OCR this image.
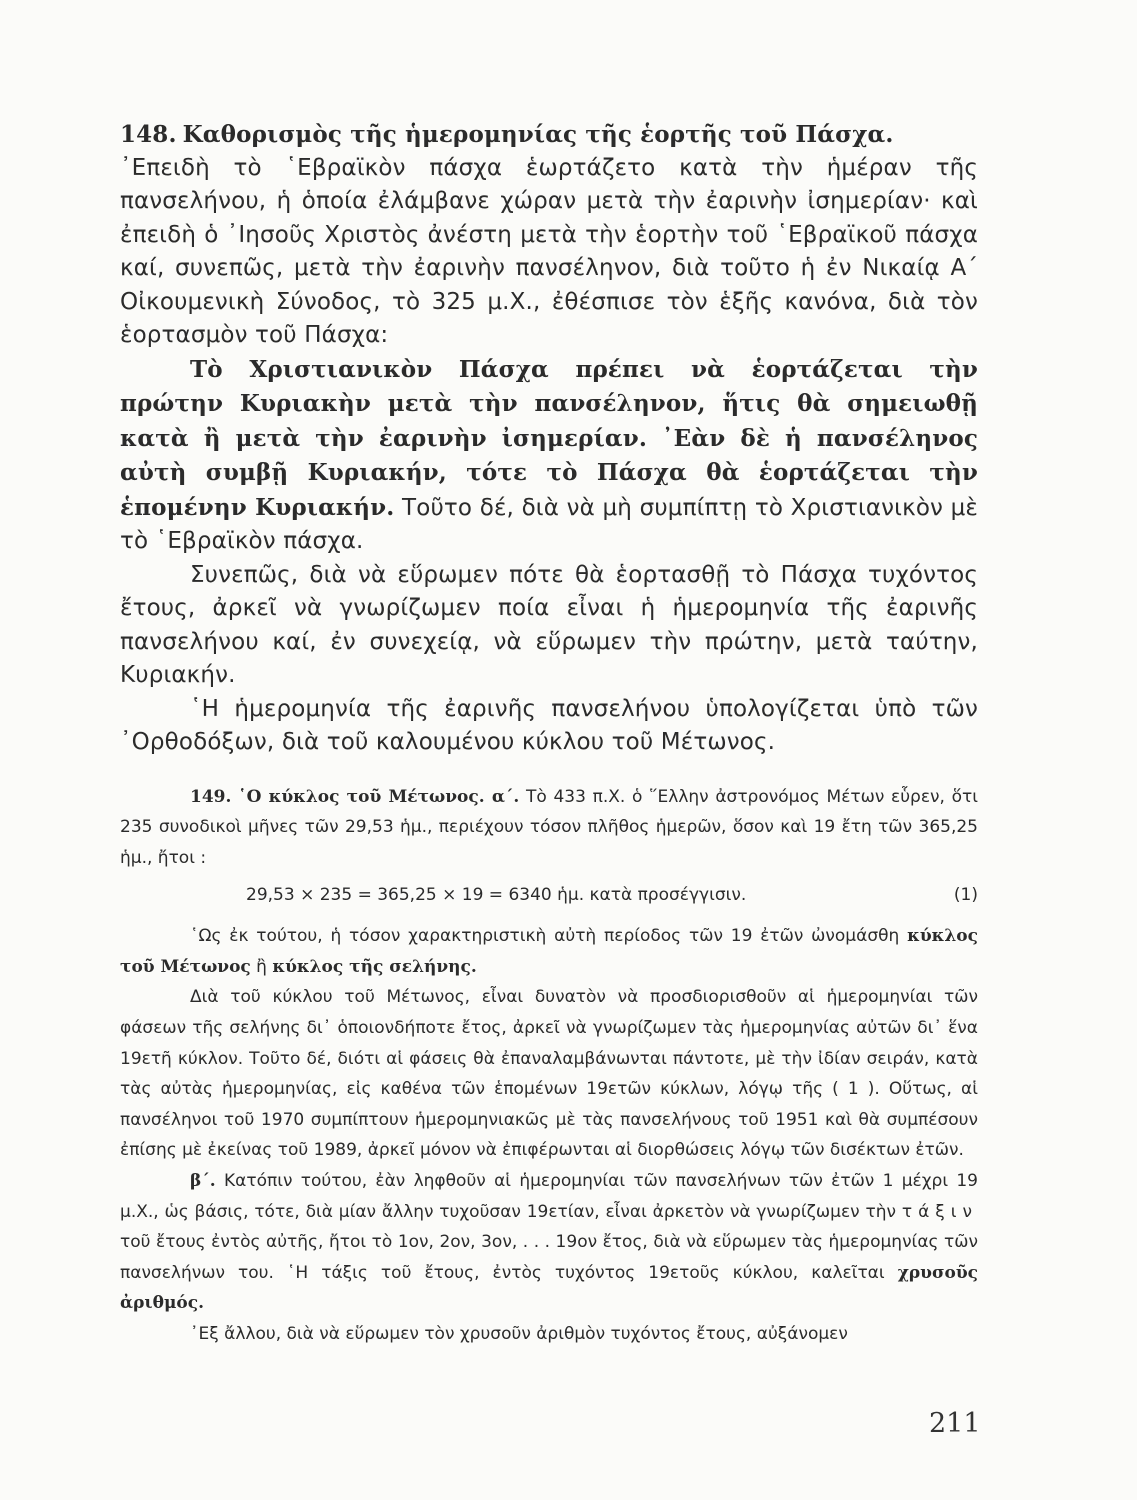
148. Καθορισμὸς τῆς ἡμερομηνίας τῆς ἑορτῆς τοῦ Πάσχα.

᾿Επειδὴ τὸ ῾Εβραϊκὸν πάσχα ἑωρτάζετο κατὰ τὴν ἡμέραν τῆς πανσελήνου, ἡ ὁποία ἐλάμβανε χώραν μετὰ τὴν ἐαρινὴν ἰσημερίαν· καὶ ἐπειδὴ ὁ ᾿Ιησοῦς Χριστὸς ἀνέστη μετὰ τὴν ἑορτὴν τοῦ ῾Εβραϊκοῦ πάσχα καί, συνεπῶς, μετὰ τὴν ἐαρινὴν πανσέληνον, διὰ τοῦτο ἡ ἐν Νικαίᾳ Α΄ Οἰκουμενικὴ Σύνοδος, τὸ 325 μ.Χ., ἐθέσπισε τὸν ἑξῆς κανόνα, διὰ τὸν ἑορτασμὸν τοῦ Πάσχα:

Τὸ Χριστιανικὸν Πάσχα πρέπει νὰ ἑορτάζεται τὴν πρώτην Κυριακὴν μετὰ τὴν πανσέληνον, ἥτις θὰ σημειωθῇ κατὰ ἢ μετὰ τὴν ἐαρινὴν ἰσημερίαν. ᾿Εὰν δὲ ἡ πανσέληνος αὐτὴ συμβῇ Κυριακήν, τότε τὸ Πάσχα θὰ ἑορτάζεται τὴν ἑπομένην Κυριακήν. Τοῦτο δέ, διὰ νὰ μὴ συμπίπτῃ τὸ Χριστιανικὸν μὲ τὸ ῾Εβραϊκὸν πάσχα.

Συνεπῶς, διὰ νὰ εὕρωμεν πότε θὰ ἑορτασθῇ τὸ Πάσχα τυχόντος ἔτους, ἀρκεῖ νὰ γνωρίζωμεν ποία εἶναι ἡ ἡμερομηνία τῆς ἐαρινῆς πανσελήνου καί, ἐν συνεχείᾳ, νὰ εὕρωμεν τὴν πρώτην, μετὰ ταύτην, Κυριακήν.

῾Η ἡμερομηνία τῆς ἐαρινῆς πανσελήνου ὑπολογίζεται ὑπὸ τῶν ᾿Ορθοδόξων, διὰ τοῦ καλουμένου κύκλου τοῦ Μέτωνος.

149. ῾Ο κύκλος τοῦ Μέτωνος. α΄. Τὸ 433 π.Χ. ὁ ῞Ελλην ἀστρονόμος Μέτων εὗρεν, ὅτι 235 συνοδικοὶ μῆνες τῶν 29,53 ἡμ., περιέχουν τόσον πλῆθος ἡμερῶν, ὅσον καὶ 19 ἔτη τῶν 365,25 ἡμ., ἤτοι :

29,53 × 235 = 365,25 × 19 = 6340 ἡμ. κατὰ προσέγγισιν.	(1)

῾Ως ἐκ τούτου, ἡ τόσον χαρακτηριστικὴ αὐτὴ περίοδος τῶν 19 ἐτῶν ὠνομάσθη κύκλος τοῦ Μέτωνος ἢ κύκλος τῆς σελήνης.

Διὰ τοῦ κύκλου τοῦ Μέτωνος, εἶναι δυνατὸν νὰ προσδιορισθοῦν αἱ ἡμερομηνίαι τῶν φάσεων τῆς σελήνης δι᾿ ὁποιονδήποτε ἔτος, ἀρκεῖ νὰ γνωρίζωμεν τὰς ἡμερομηνίας αὐτῶν δι᾿ ἕνα 19ετῆ κύκλον. Τοῦτο δέ, διότι αἱ φάσεις θὰ ἐπαναλαμβάνωνται πάντοτε, μὲ τὴν ἰδίαν σειράν, κατὰ τὰς αὐτὰς ἡμερομηνίας, εἰς καθένα τῶν ἑπομένων 19ετῶν κύκλων, λόγῳ τῆς ( 1 ). Οὕτως, αἱ πανσέληνοι τοῦ 1970 συμπίπτουν ἡμερομηνιακῶς μὲ τὰς πανσελήνους τοῦ 1951 καὶ θὰ συμπέσουν ἐπίσης μὲ ἐκείνας τοῦ 1989, ἀρκεῖ μόνον νὰ ἐπιφέρωνται αἱ διορθώσεις λόγῳ τῶν δισέκτων ἐτῶν.

β΄. Κατόπιν τούτου, ἐὰν ληφθοῦν αἱ ἡμερομηνίαι τῶν πανσελήνων τῶν ἐτῶν 1 μέχρι 19 μ.Χ., ὡς βάσις, τότε, διὰ μίαν ἄλλην τυχοῦσαν 19ετίαν, εἶναι ἀρκετὸν νὰ γνωρίζωμεν τὴν τάξιν τοῦ ἔτους ἐντὸς αὐτῆς, ἤτοι τὸ 1ον, 2ον, 3ον, . . . 19ον ἔτος, διὰ νὰ εὕρωμεν τὰς ἡμερομηνίας τῶν πανσελήνων του. ῾Η τάξις τοῦ ἔτους, ἐντὸς τυχόντος 19ετοῦς κύκλου, καλεῖται χρυσοῦς ἀριθμός.

᾿Εξ ἄλλου, διὰ νὰ εὕρωμεν τὸν χρυσοῦν ἀριθμὸν τυχόντος ἔτους, αὐξάνομεν

211
